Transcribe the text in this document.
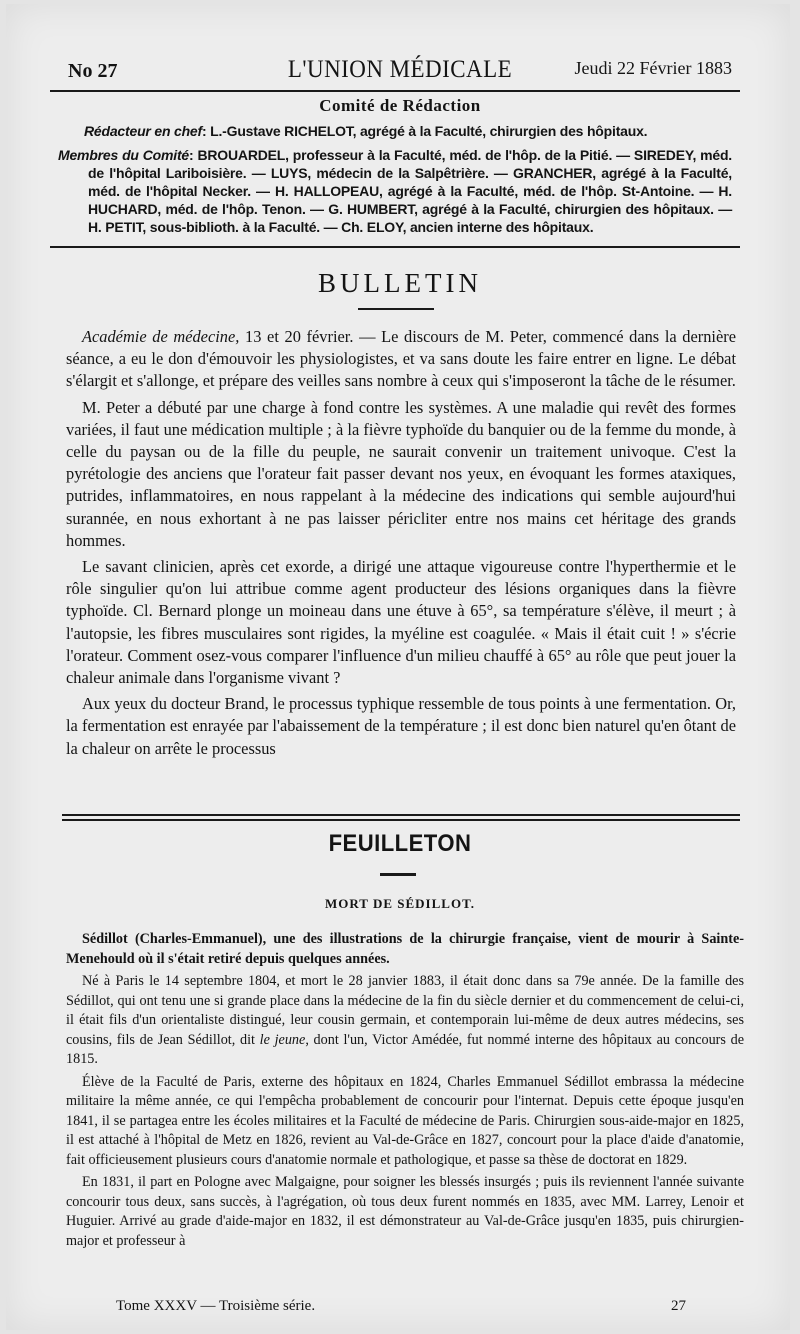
No 27	L'UNION MÉDICALE	Jeudi 22 Février 1883
Comité de Rédaction

Rédacteur en chef: L.-Gustave RICHELOT, agrégé à la Faculté, chirurgien des hôpitaux.

Membres du Comité: BROUARDEL, professeur à la Faculté, méd. de l'hôp. de la Pitié. — SIREDEY, méd. de l'hôpital Lariboisière. — LUYS, médecin de la Salpêtrière. — GRANCHER, agrégé à la Faculté, méd. de l'hôpital Necker. — H. HALLOPEAU, agrégé à la Faculté, méd. de l'hôp. St-Antoine. — H. HUCHARD, méd. de l'hôp. Tenon. — G. HUMBERT, agrégé à la Faculté, chirurgien des hôpitaux. — H. PETIT, sous-biblioth. à la Faculté. — Ch. ELOY, ancien interne des hôpitaux.

BULLETIN

Académie de médecine, 13 et 20 février. — Le discours de M. Peter, commencé dans la dernière séance, a eu le don d'émouvoir les physiologistes, et va sans doute les faire entrer en ligne. Le débat s'élargit et s'allonge, et prépare des veilles sans nombre à ceux qui s'imposeront la tâche de le résumer.

M. Peter a débuté par une charge à fond contre les systèmes. A une maladie qui revêt des formes variées, il faut une médication multiple ; à la fièvre typhoïde du banquier ou de la femme du monde, à celle du paysan ou de la fille du peuple, ne saurait convenir un traitement univoque. C'est la pyrétologie des anciens que l'orateur fait passer devant nos yeux, en évoquant les formes ataxiques, putrides, inflammatoires, en nous rappelant à la médecine des indications qui semble aujourd'hui surannée, en nous exhortant à ne pas laisser péricliter entre nos mains cet héritage des grands hommes.

Le savant clinicien, après cet exorde, a dirigé une attaque vigoureuse contre l'hyperthermie et le rôle singulier qu'on lui attribue comme agent producteur des lésions organiques dans la fièvre typhoïde. Cl. Bernard plonge un moineau dans une étuve à 65°, sa température s'élève, il meurt ; à l'autopsie, les fibres musculaires sont rigides, la myéline est coagulée. « Mais il était cuit ! » s'écrie l'orateur. Comment osez-vous comparer l'influence d'un milieu chauffé à 65° au rôle que peut jouer la chaleur animale dans l'organisme vivant ?

Aux yeux du docteur Brand, le processus typhique ressemble de tous points à une fermentation. Or, la fermentation est enrayée par l'abaissement de la température ; il est donc bien naturel qu'en ôtant de la chaleur on arrête le processus

FEUILLETON
MORT DE SÉDILLOT.

Sédillot (Charles-Emmanuel), une des illustrations de la chirurgie française, vient de mourir à Sainte-Menehould où il s'était retiré depuis quelques années.

Né à Paris le 14 septembre 1804, et mort le 28 janvier 1883, il était donc dans sa 79e année. De la famille des Sédillot, qui ont tenu une si grande place dans la médecine de la fin du siècle dernier et du commencement de celui-ci, il était fils d'un orientaliste distingué, leur cousin germain, et contemporain lui-même de deux autres médecins, ses cousins, fils de Jean Sédillot, dit le jeune, dont l'un, Victor Amédée, fut nommé interne des hôpitaux au concours de 1815.

Élève de la Faculté de Paris, externe des hôpitaux en 1824, Charles Emmanuel Sédillot embrassa la médecine militaire la même année, ce qui l'empêcha probablement de concourir pour l'internat. Depuis cette époque jusqu'en 1841, il se partagea entre les écoles militaires et la Faculté de médecine de Paris. Chirurgien sous-aide-major en 1825, il est attaché à l'hôpital de Metz en 1826, revient au Val-de-Grâce en 1827, concourt pour la place d'aide d'anatomie, fait officieusement plusieurs cours d'anatomie normale et pathologique, et passe sa thèse de doctorat en 1829.

En 1831, il part en Pologne avec Malgaigne, pour soigner les blessés insurgés ; puis ils reviennent l'année suivante concourir tous deux, sans succès, à l'agrégation, où tous deux furent nommés en 1835, avec MM. Larrey, Lenoir et Huguier. Arrivé au grade d'aide-major en 1832, il est démonstrateur au Val-de-Grâce jusqu'en 1835, puis chirurgien-major et professeur à

Tome XXXV — Troisième série.	27
